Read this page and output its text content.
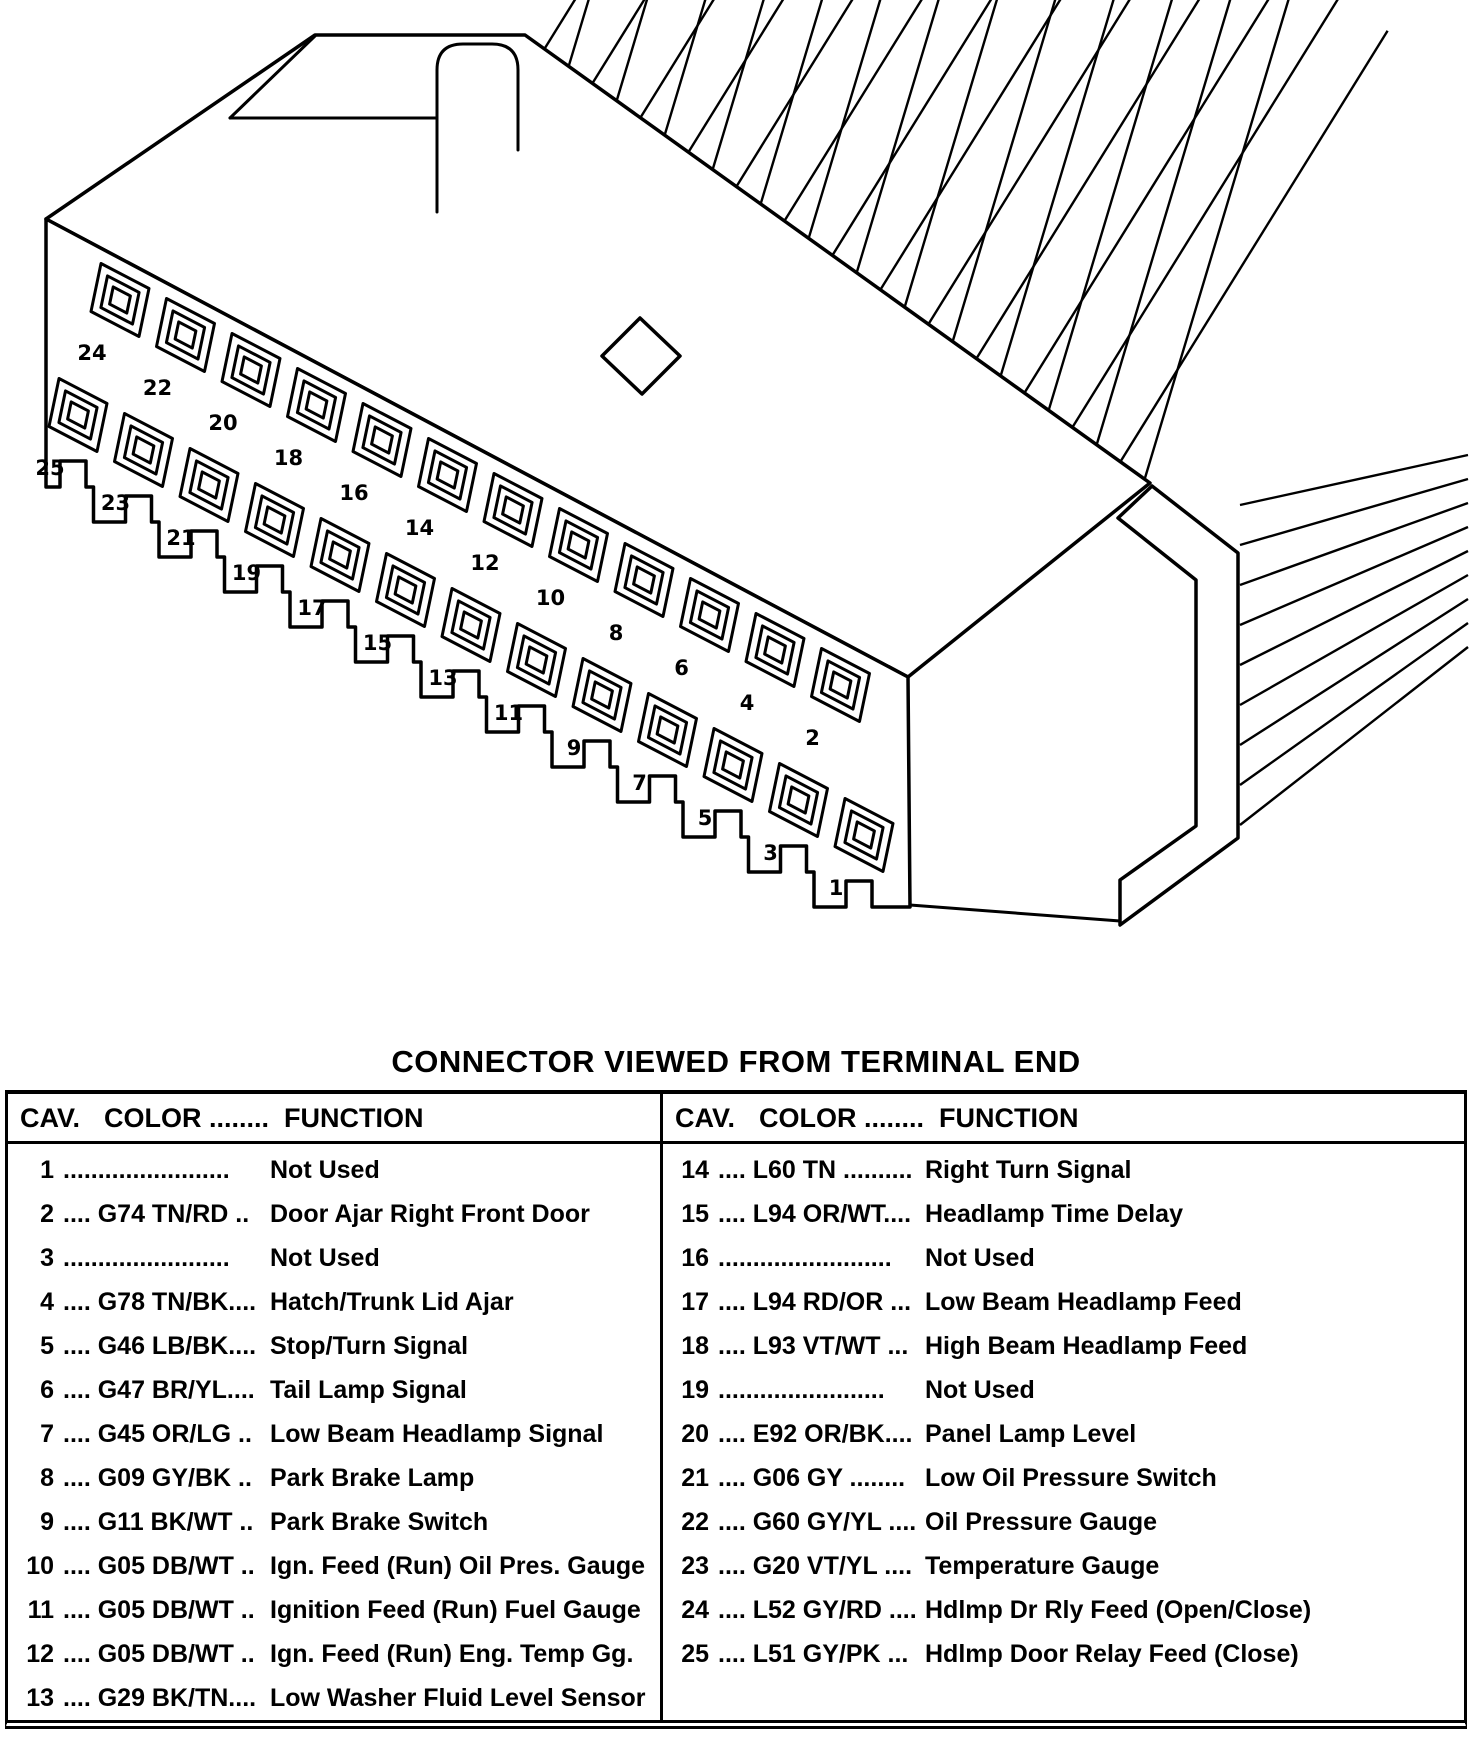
24
22
20
18
16
14
12
10
8
6
4
2
25
23
21
19
17
15
13
11
9
7
5
3
1
CONNECTOR VIEWED FROM TERMINAL END
CAV. COLOR ........ FUNCTION
1 ........................	Not Used
2 .... G74 TN/RD .. Door Ajar Right Front Door
3 ........................	Not Used
4 .... G78 TN/BK.... Hatch/Trunk Lid Ajar
5 .... G46 LB/BK.... Stop/Turn Signal
6 .... G47 BR/YL.... Tail Lamp Signal
7 .... G45 OR/LG .. Low Beam Headlamp Signal
8 .... G09 GY/BK .. Park Brake Lamp
9 .... G11 BK/WT .. Park Brake Switch
10 .... G05 DB/WT .. Ign. Feed (Run) Oil Pres. Gauge
11 .... G05 DB/WT .. Ignition Feed (Run) Fuel Gauge
12 .... G05 DB/WT .. Ign. Feed (Run) Eng. Temp Gg.
13 .... G29 BK/TN.... Low Washer Fluid Level Sensor
CAV. COLOR ........ FUNCTION
14 .... L60 TN .......... Right Turn Signal
15 .... L94 OR/WT.... Headlamp Time Delay
16 .........................	Not Used
17 .... L94 RD/OR ... Low Beam Headlamp Feed
18 .... L93 VT/WT ... High Beam Headlamp Feed
19 ........................	Not Used
20 .... E92 OR/BK.... Panel Lamp Level
21 .... G06 GY ........ Low Oil Pressure Switch
22 .... G60 GY/YL .... Oil Pressure Gauge
23 .... G20 VT/YL .... Temperature Gauge
24 .... L52 GY/RD .... Hdlmp Dr Rly Feed (Open/Close)
25 .... L51 GY/PK ... Hdlmp Door Relay Feed (Close)
